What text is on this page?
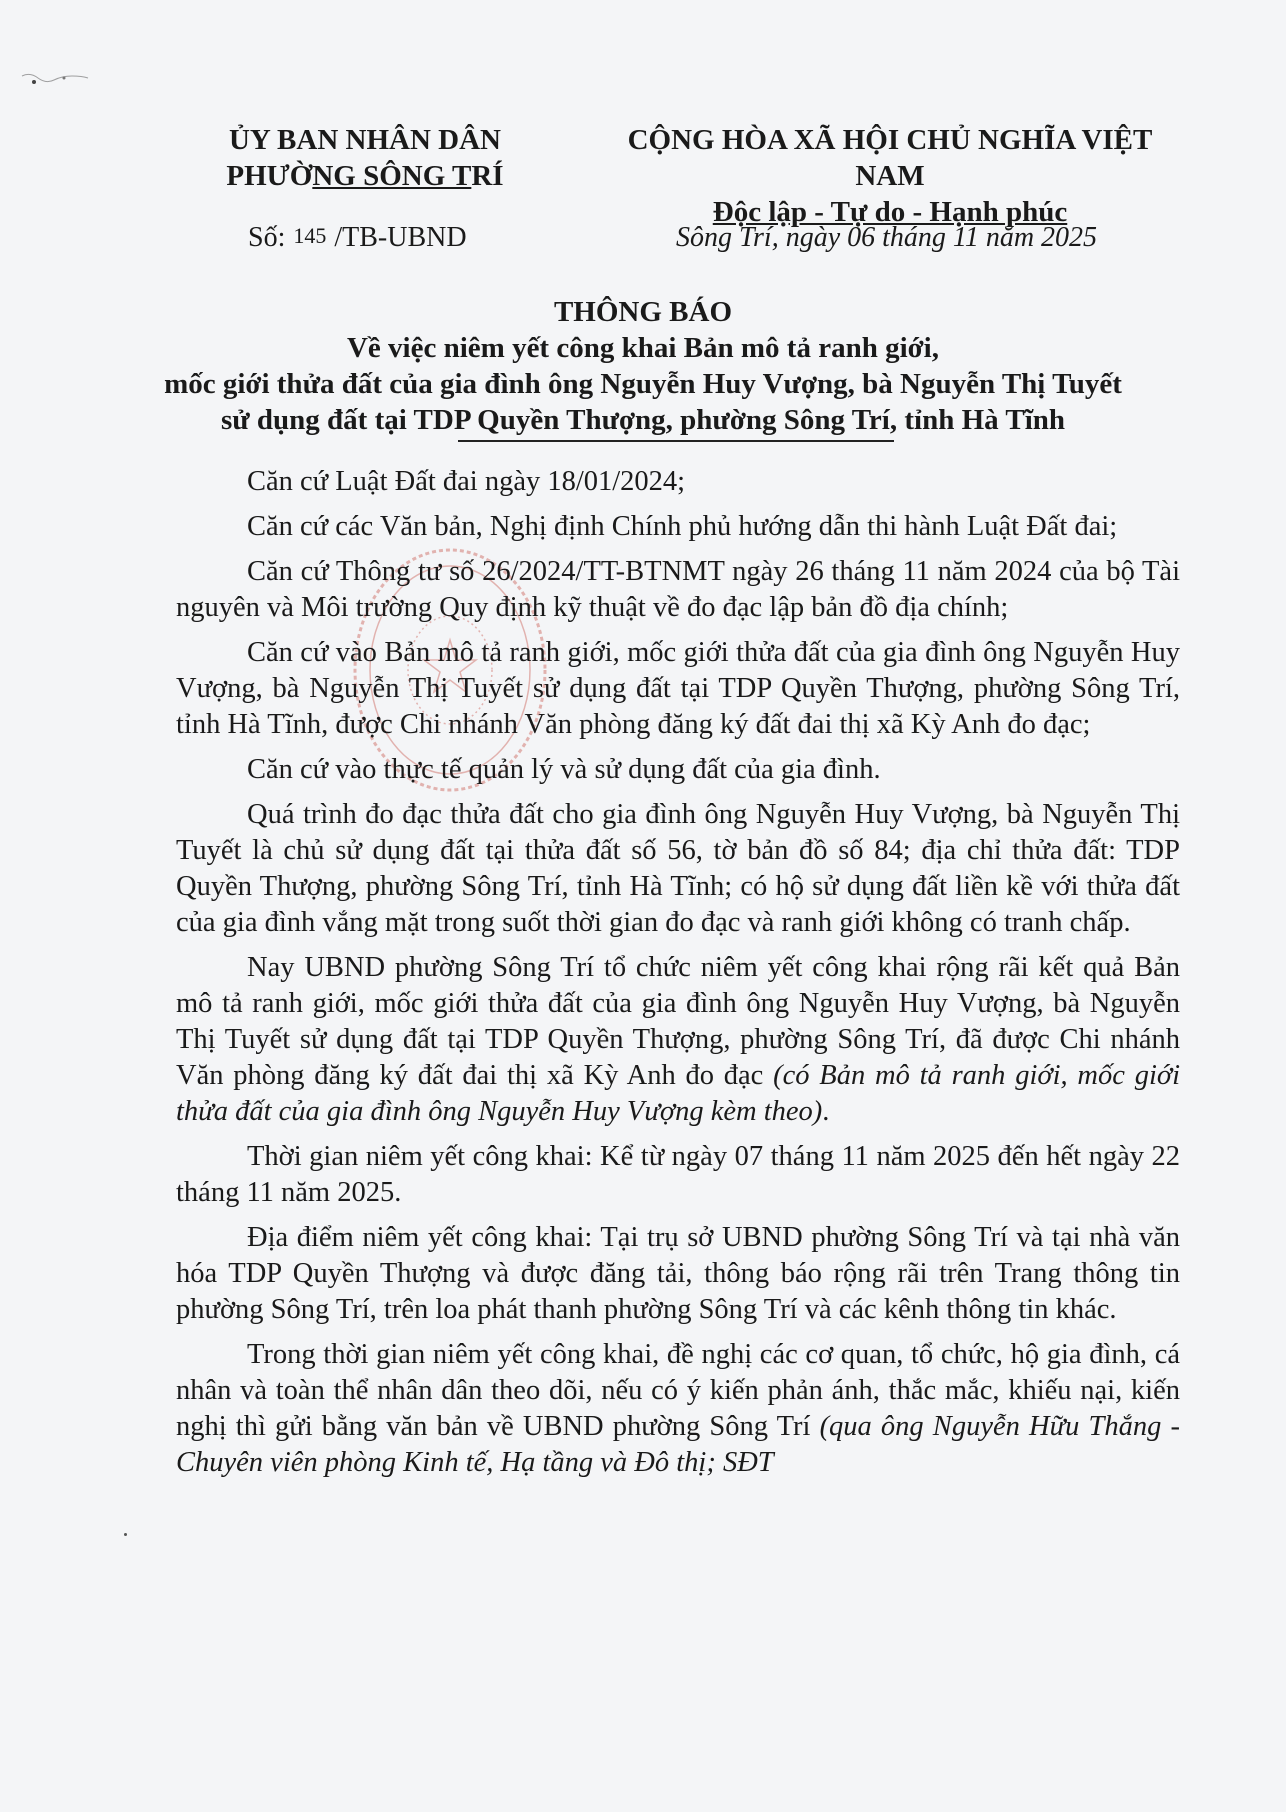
ỦY BAN NHÂN DÂN
PHƯỜNG SÔNG TRÍ
CỘNG HÒA XÃ HỘI CHỦ NGHĨA VIỆT NAM
Độc lập - Tự do - Hạnh phúc
Số: 145 /TB-UBND	Sông Trí, ngày 06 tháng 11 năm 2025
THÔNG BÁO
Về việc niêm yết công khai Bản mô tả ranh giới,
mốc giới thửa đất của gia đình ông Nguyễn Huy Vượng, bà Nguyễn Thị Tuyết
sử dụng đất tại TDP Quyền Thượng, phường Sông Trí, tỉnh Hà Tĩnh

Căn cứ Luật Đất đai ngày 18/01/2024;

Căn cứ các Văn bản, Nghị định Chính phủ hướng dẫn thi hành Luật Đất đai;

Căn cứ Thông tư số 26/2024/TT-BTNMT ngày 26 tháng 11 năm 2024 của bộ Tài nguyên và Môi trường Quy định kỹ thuật về đo đạc lập bản đồ địa chính;

Căn cứ vào Bản mô tả ranh giới, mốc giới thửa đất của gia đình ông Nguyễn Huy Vượng, bà Nguyễn Thị Tuyết sử dụng đất tại TDP Quyền Thượng, phường Sông Trí, tỉnh Hà Tĩnh, được Chi nhánh Văn phòng đăng ký đất đai thị xã Kỳ Anh đo đạc;

Căn cứ vào thực tế quản lý và sử dụng đất của gia đình.

Quá trình đo đạc thửa đất cho gia đình ông Nguyễn Huy Vượng, bà Nguyễn Thị Tuyết là chủ sử dụng đất tại thửa đất số 56, tờ bản đồ số 84; địa chỉ thửa đất: TDP Quyền Thượng, phường Sông Trí, tỉnh Hà Tĩnh; có hộ sử dụng đất liền kề với thửa đất của gia đình vắng mặt trong suốt thời gian đo đạc và ranh giới không có tranh chấp.

Nay UBND phường Sông Trí tổ chức niêm yết công khai rộng rãi kết quả Bản mô tả ranh giới, mốc giới thửa đất của gia đình ông Nguyễn Huy Vượng, bà Nguyễn Thị Tuyết sử dụng đất tại TDP Quyền Thượng, phường Sông Trí, đã được Chi nhánh Văn phòng đăng ký đất đai thị xã Kỳ Anh đo đạc (có Bản mô tả ranh giới, mốc giới thửa đất của gia đình ông Nguyễn Huy Vượng kèm theo).

Thời gian niêm yết công khai: Kể từ ngày 07 tháng 11 năm 2025 đến hết ngày 22 tháng 11 năm 2025.

Địa điểm niêm yết công khai: Tại trụ sở UBND phường Sông Trí và tại nhà văn hóa TDP Quyền Thượng và được đăng tải, thông báo rộng rãi trên Trang thông tin phường Sông Trí, trên loa phát thanh phường Sông Trí và các kênh thông tin khác.

Trong thời gian niêm yết công khai, đề nghị các cơ quan, tổ chức, hộ gia đình, cá nhân và toàn thể nhân dân theo dõi, nếu có ý kiến phản ánh, thắc mắc, khiếu nại, kiến nghị thì gửi bằng văn bản về UBND phường Sông Trí (qua ông Nguyễn Hữu Thắng - Chuyên viên phòng Kinh tế, Hạ tầng và Đô thị; SĐT
